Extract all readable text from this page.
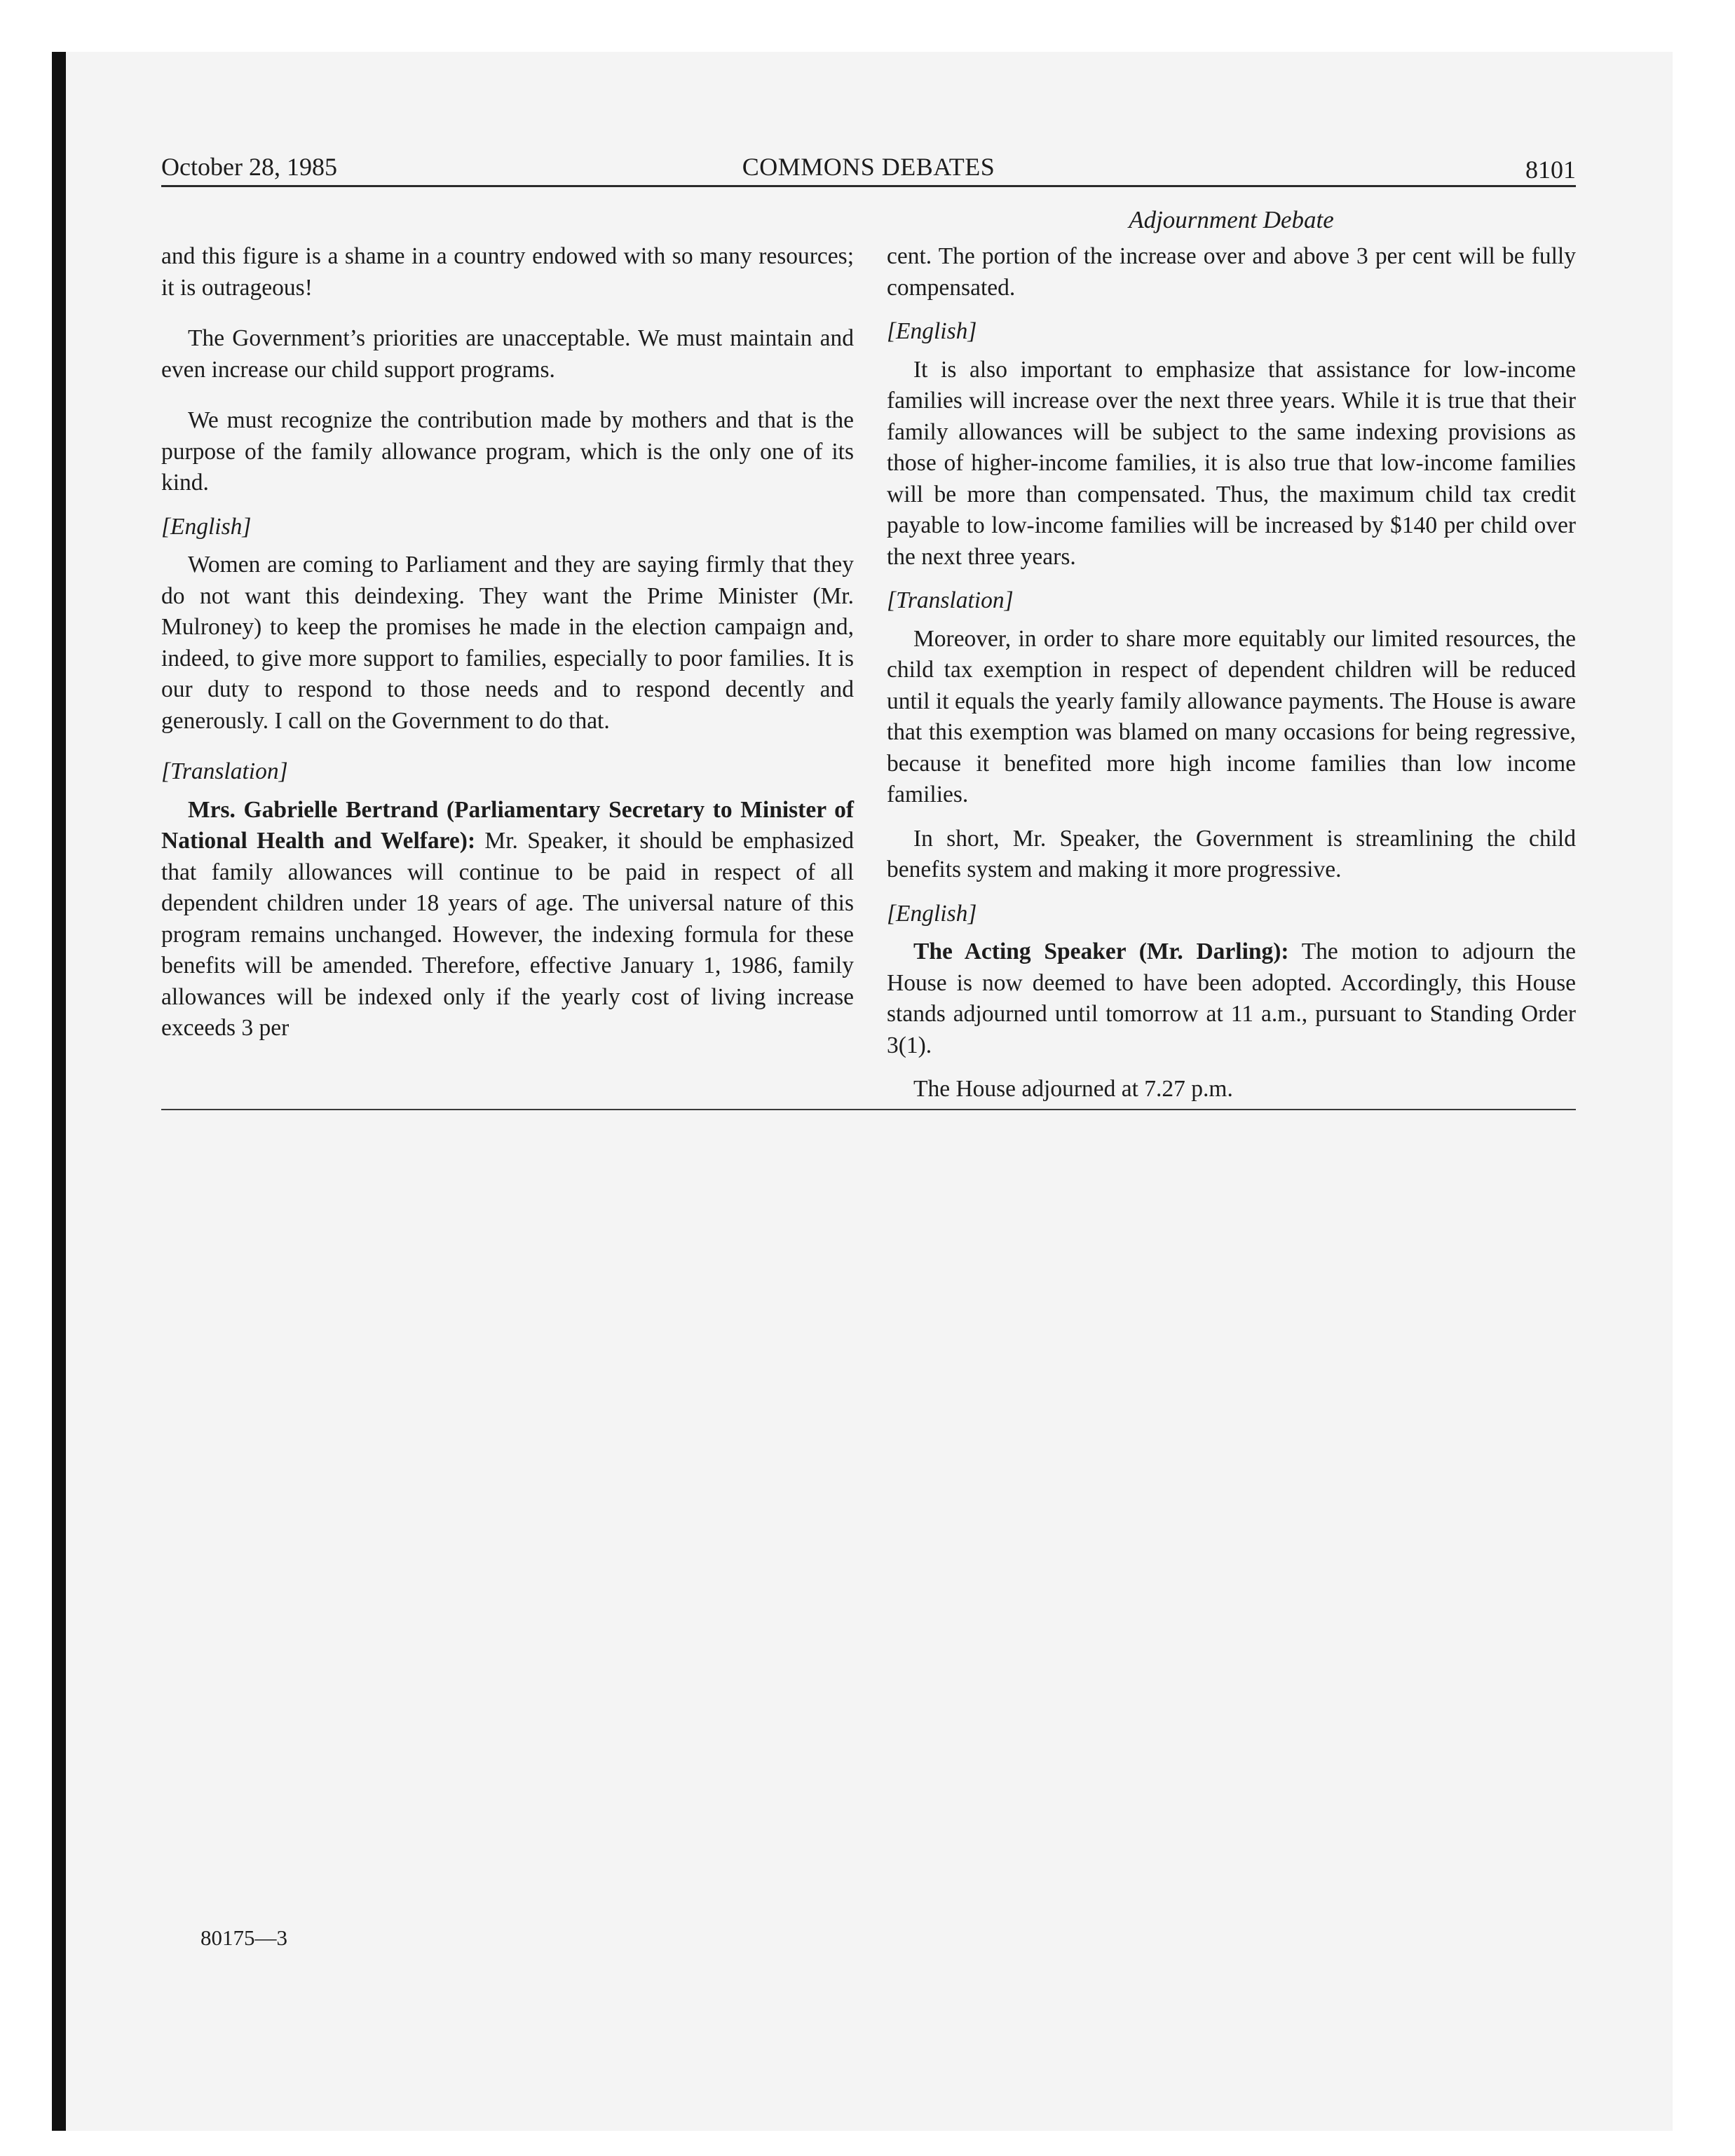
October 28, 1985	COMMONS DEBATES	8101
Adjournment Debate

and this figure is a shame in a country endowed with so many resources; it is outrageous!

The Government’s priorities are unacceptable. We must maintain and even increase our child support programs.

We must recognize the contribution made by mothers and that is the purpose of the family allowance program, which is the only one of its kind.

[English]

Women are coming to Parliament and they are saying firmly that they do not want this deindexing. They want the Prime Minister (Mr. Mulroney) to keep the promises he made in the election campaign and, indeed, to give more support to families, especially to poor families. It is our duty to respond to those needs and to respond decently and generously. I call on the Government to do that.

[Translation]

Mrs. Gabrielle Bertrand (Parliamentary Secretary to Minister of National Health and Welfare): Mr. Speaker, it should be emphasized that family allowances will continue to be paid in respect of all dependent children under 18 years of age. The universal nature of this program remains unchanged. However, the indexing formula for these benefits will be amended. Therefore, effective January 1, 1986, family allowances will be indexed only if the yearly cost of living increase exceeds 3 per

cent. The portion of the increase over and above 3 per cent will be fully compensated.

[English]

It is also important to emphasize that assistance for low-income families will increase over the next three years. While it is true that their family allowances will be subject to the same indexing provisions as those of higher-income families, it is also true that low-income families will be more than compensated. Thus, the maximum child tax credit payable to low-income families will be increased by $140 per child over the next three years.

[Translation]

Moreover, in order to share more equitably our limited resources, the child tax exemption in respect of dependent children will be reduced until it equals the yearly family allowance payments. The House is aware that this exemption was blamed on many occasions for being regressive, because it benefited more high income families than low income families.

In short, Mr. Speaker, the Government is streamlining the child benefits system and making it more progressive.

[English]

The Acting Speaker (Mr. Darling): The motion to adjourn the House is now deemed to have been adopted. Accordingly, this House stands adjourned until tomorrow at 11 a.m., pursuant to Standing Order 3(1).

The House adjourned at 7.27 p.m.

80175—3
